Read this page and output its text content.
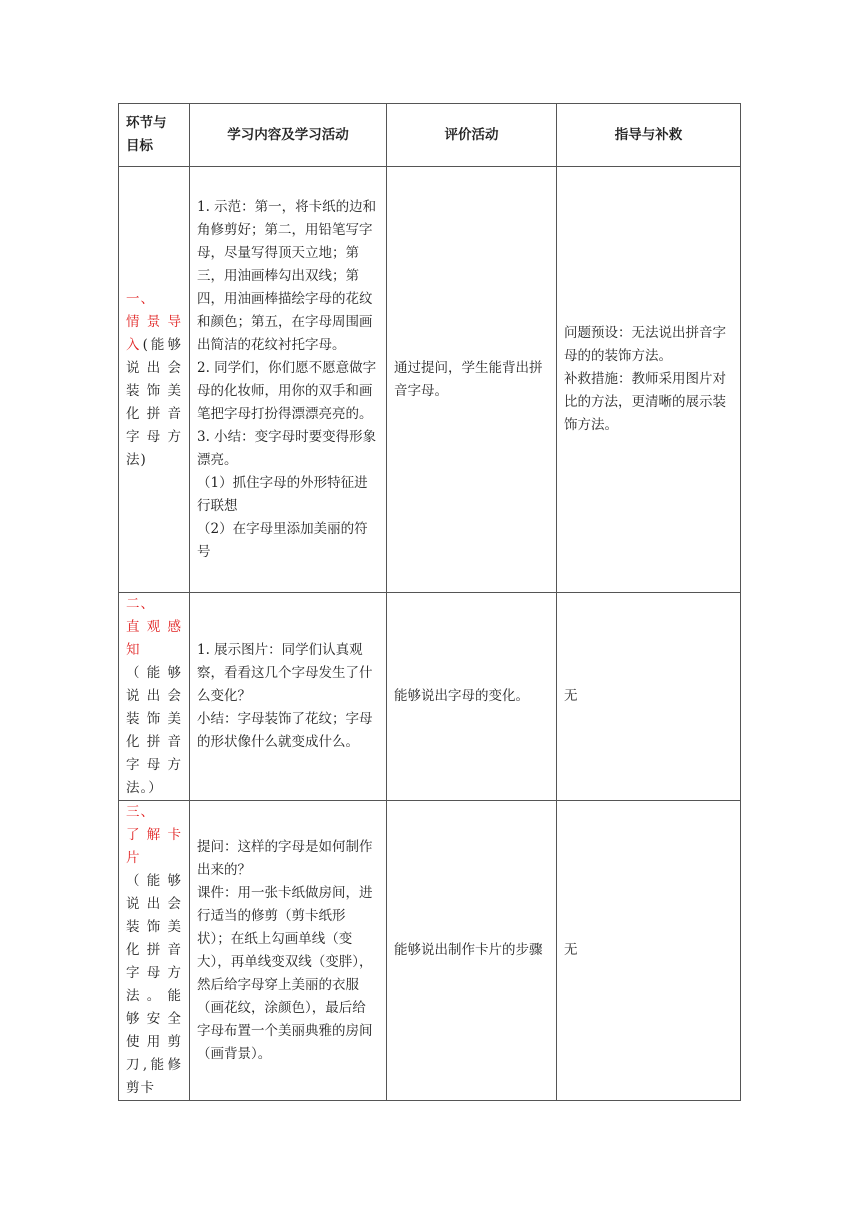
环节与
目标	学习内容及学习活动	评价活动	指导与补救

一、
情景导入(能够说出会装饰美化拼音字母方法)	1. 示范：第一，将卡纸的边和角修剪好；第二，用铅笔写字母，尽量写得顶天立地；第三，用油画棒勾出双线；第四，用油画棒描绘字母的花纹和颜色；第五，在字母周围画出简洁的花纹衬托字母。
2. 同学们，你们愿不愿意做字母的化妆师，用你的双手和画笔把字母打扮得漂漂亮亮的。
3. 小结：变字母时要变得形象漂亮。
（1）抓住字母的外形特征进行联想
（2）在字母里添加美丽的符号	通过提问，学生能背出拼音字母。	问题预设：无法说出拼音字母的的装饰方法。
补救措施：教师采用图片对比的方法，更清晰的展示装饰方法。

二、
直观感知
（能够说出会装饰美化拼音字母方法。）	1. 展示图片：同学们认真观察，看看这几个字母发生了什么变化？
小结：字母装饰了花纹；字母的形状像什么就变成什么。	能够说出字母的变化。	无

三、
了解卡片
（能够说出会装饰美化拼音字母方法。能够安全使用剪刀,能修剪卡	提问：这样的字母是如何制作出来的？
课件：用一张卡纸做房间，进行适当的修剪（剪卡纸形状）；在纸上勾画单线（变大），再单线变双线（变胖），然后给字母穿上美丽的衣服（画花纹，涂颜色），最后给字母布置一个美丽典雅的房间（画背景）。	能够说出制作卡片的步骤	无
